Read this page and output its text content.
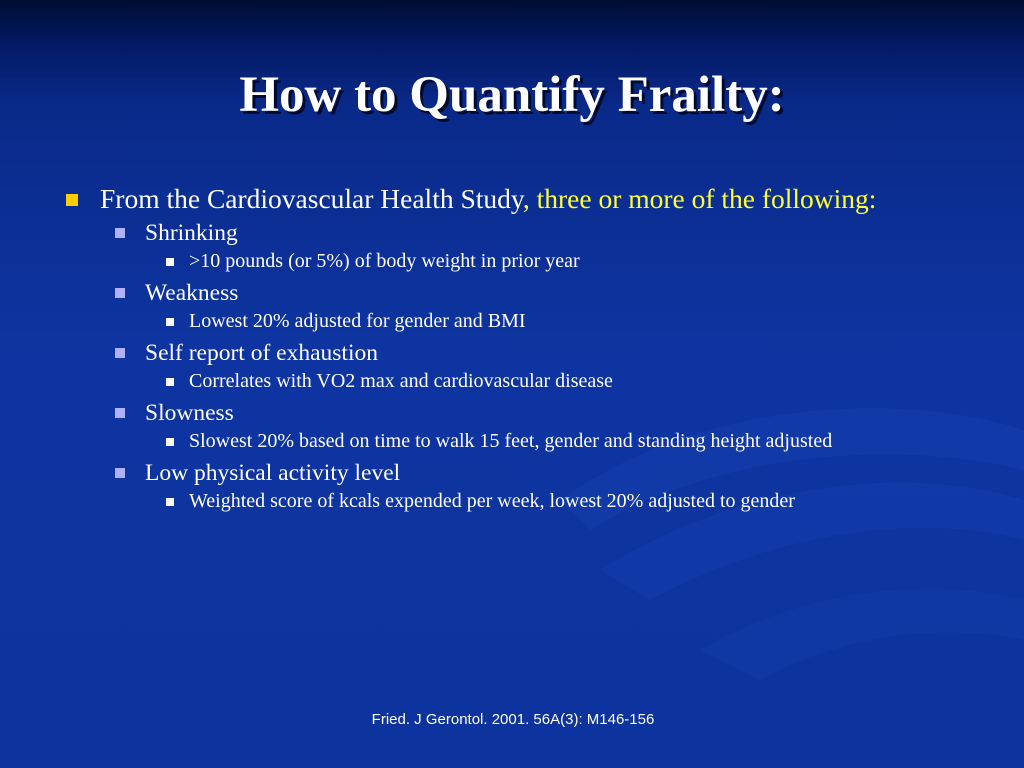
How to Quantify Frailty:
From the Cardiovascular Health Study, three or more of the following:
Shrinking
>10 pounds (or 5%) of body weight in prior year
Weakness
Lowest 20% adjusted for gender and BMI
Self report of exhaustion
Correlates with VO2 max and cardiovascular disease
Slowness
Slowest 20% based on time to walk 15 feet, gender and standing height adjusted
Low physical activity level
Weighted score of kcals expended per week, lowest 20% adjusted to gender
Fried. J Gerontol. 2001. 56A(3): M146-156
